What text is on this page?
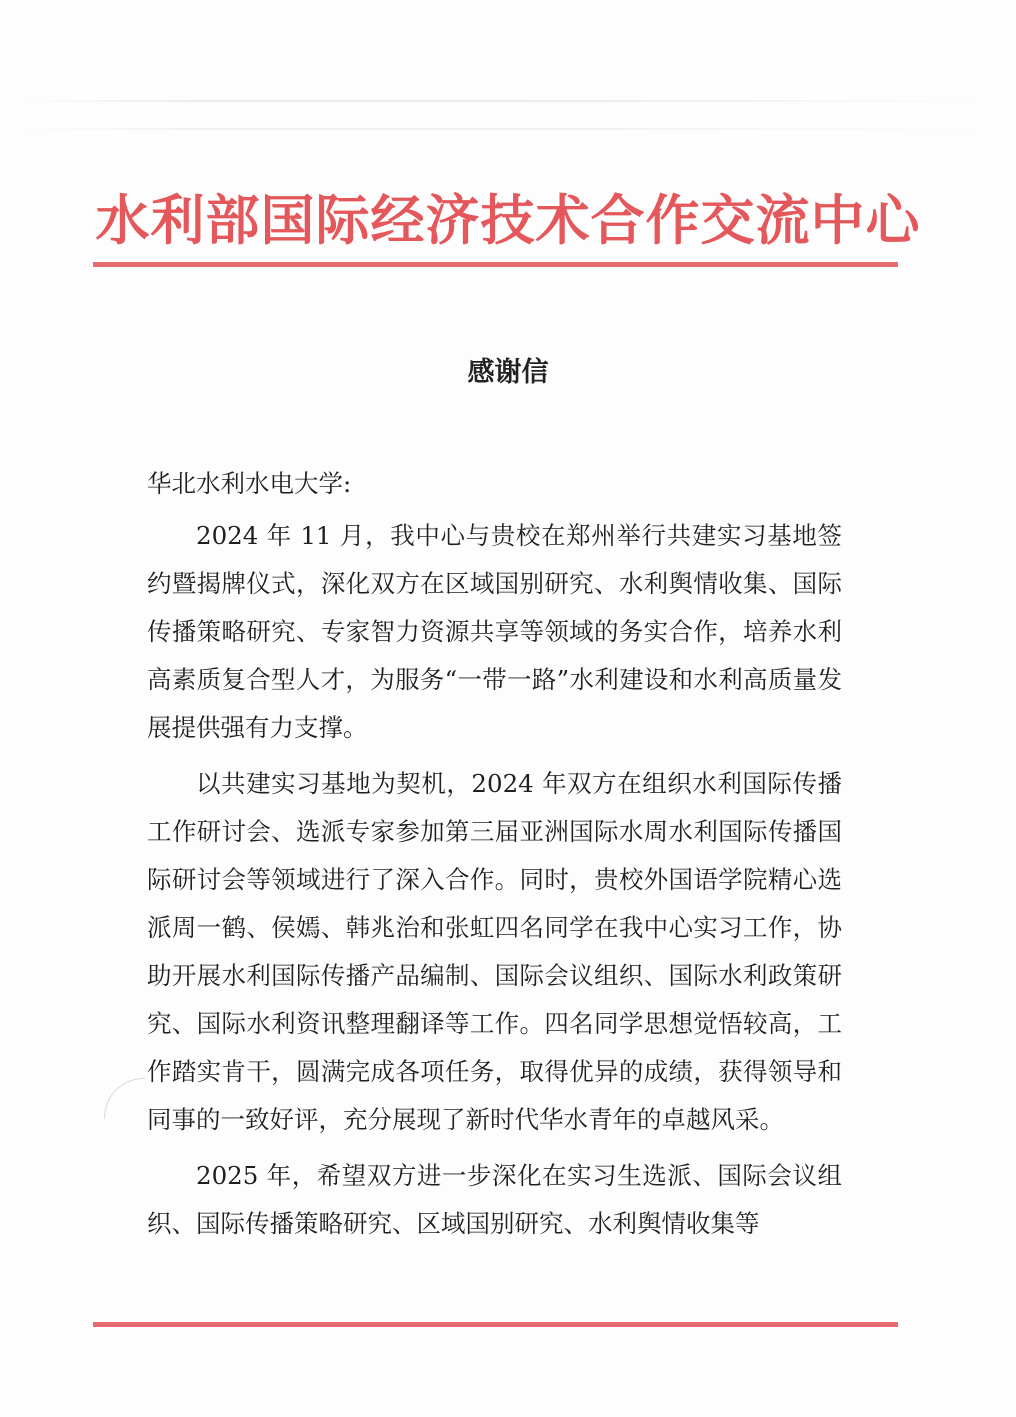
水利部国际经济技术合作交流中心
感谢信

华北水利水电大学:

2024 年 11 月，我中心与贵校在郑州举行共建实习基地签约暨揭牌仪式，深化双方在区域国别研究、水利舆情收集、国际传播策略研究、专家智力资源共享等领域的务实合作，培养水利高素质复合型人才，为服务“一带一路”水利建设和水利高质量发展提供强有力支撑。

以共建实习基地为契机，2024 年双方在组织水利国际传播工作研讨会、选派专家参加第三届亚洲国际水周水利国际传播国际研讨会等领域进行了深入合作。同时，贵校外国语学院精心选派周一鹤、侯嫣、韩兆治和张虹四名同学在我中心实习工作，协助开展水利国际传播产品编制、国际会议组织、国际水利政策研究、国际水利资讯整理翻译等工作。四名同学思想觉悟较高，工作踏实肯干，圆满完成各项任务，取得优异的成绩，获得领导和同事的一致好评，充分展现了新时代华水青年的卓越风采。

2025 年，希望双方进一步深化在实习生选派、国际会议组织、国际传播策略研究、区域国别研究、水利舆情收集等
